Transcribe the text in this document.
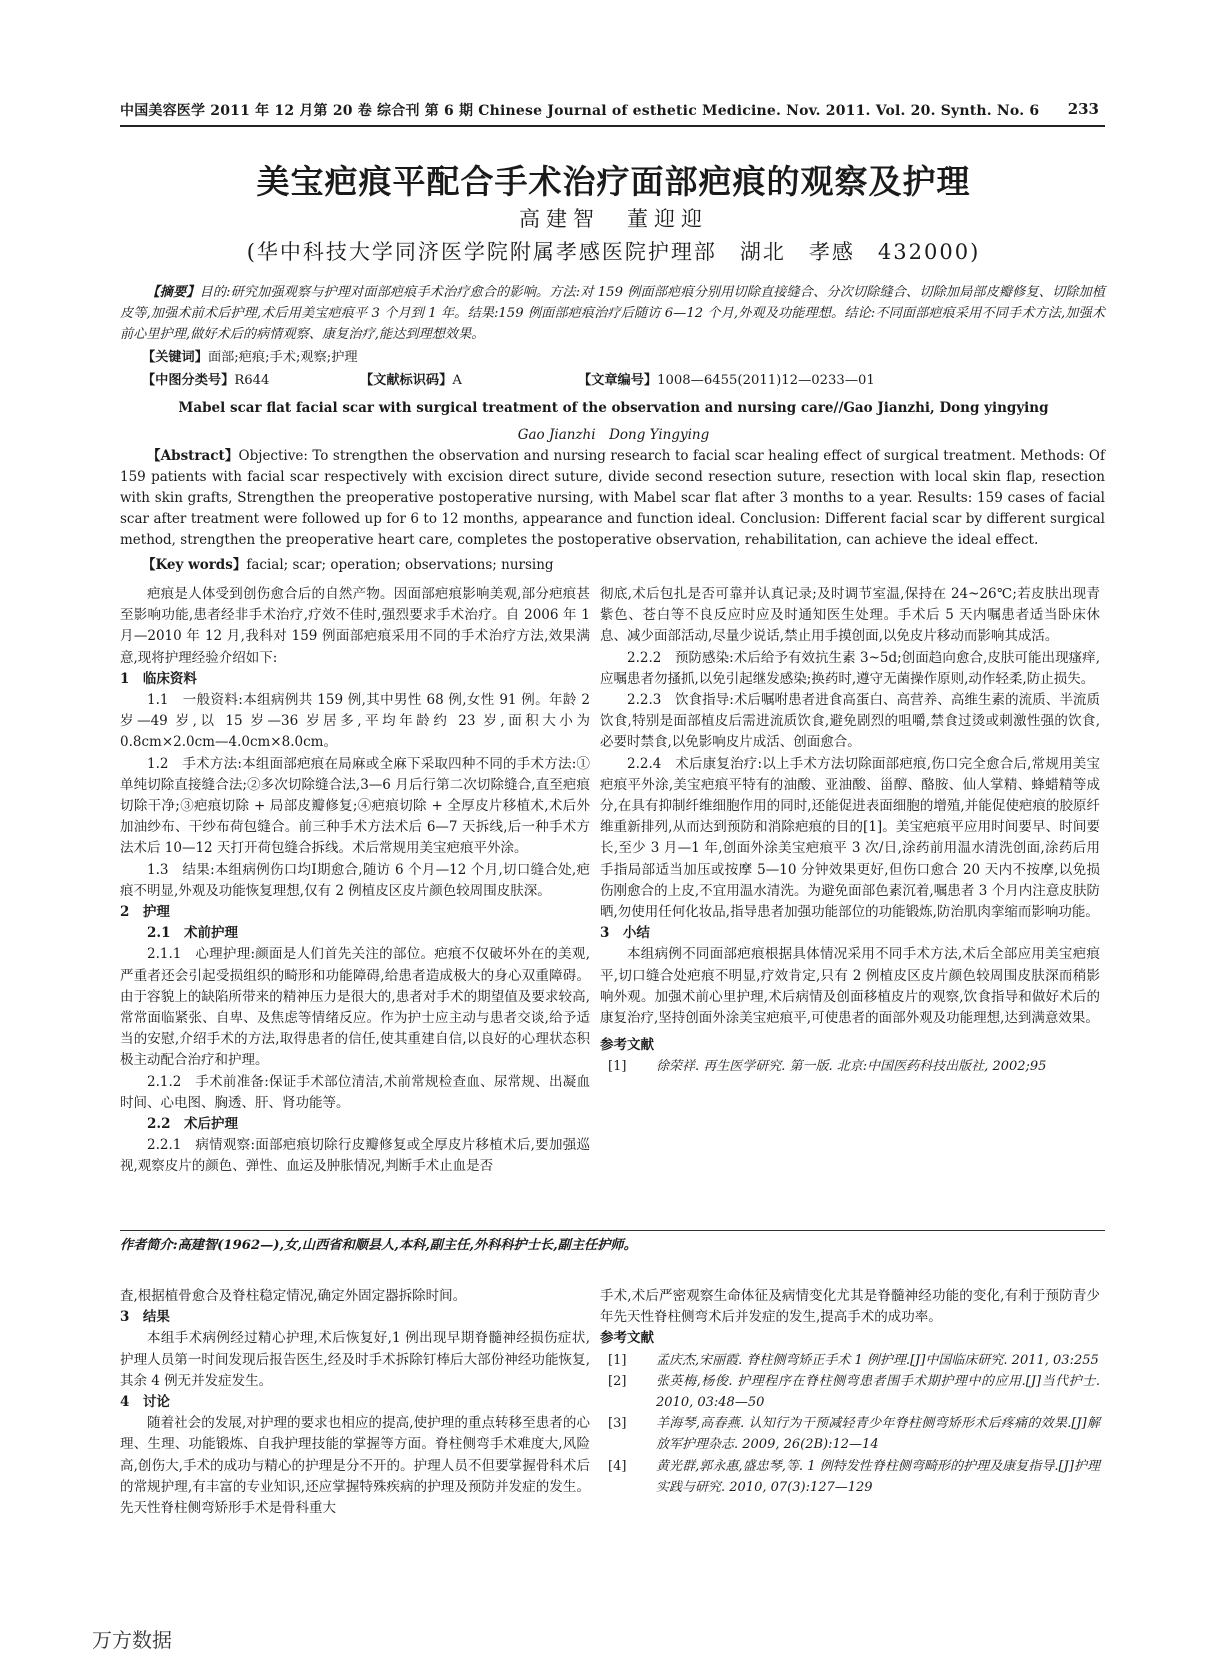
中国美容医学 2011 年 12 月第 20 卷 综合刊 第 6 期 Chinese Journal of esthetic Medicine. Nov. 2011. Vol. 20. Synth. No. 6	233
美宝疤痕平配合手术治疗面部疤痕的观察及护理
高建智　董迎迎
(华中科技大学同济医学院附属孝感医院护理部　湖北　孝感　432000)

【摘要】目的:研究加强观察与护理对面部疤痕手术治疗愈合的影响。方法:对 159 例面部疤痕分别用切除直接缝合、分次切除缝合、切除加局部皮瓣修复、切除加植皮等,加强术前术后护理,术后用美宝疤痕平 3 个月到 1 年。结果:159 例面部疤痕治疗后随访 6—12 个月,外观及功能理想。结论:不同面部疤痕采用不同手术方法,加强术前心里护理,做好术后的病情观察、康复治疗,能达到理想效果。

【关键词】面部;疤痕;手术;观察;护理
【中图分类号】R644	【文献标识码】A	【文章编号】1008—6455(2011)12—0233—01
Mabel scar flat facial scar with surgical treatment of the observation and nursing care//Gao Jianzhi, Dong yingying
Gao Jianzhi　Dong Yingying
【Abstract】Objective: To strengthen the observation and nursing research to facial scar healing effect of surgical treatment. Methods: Of 159 patients with facial scar respectively with excision direct suture, divide second resection suture, resection with local skin flap, resection with skin grafts, Strengthen the preoperative postoperative nursing, with Mabel scar flat after 3 months to a year. Results: 159 cases of facial scar after treatment were followed up for 6 to 12 months, appearance and function ideal. Conclusion: Different facial scar by different surgical method, strengthen the preoperative heart care, completes the postoperative observation, rehabilitation, can achieve the ideal effect.
【Key words】facial; scar; operation; observations; nursing

疤痕是人体受到创伤愈合后的自然产物。因面部疤痕影响美观,部分疤痕甚至影响功能,患者经非手术治疗,疗效不佳时,强烈要求手术治疗。自 2006 年 1 月—2010 年 12 月,我科对 159 例面部疤痕采用不同的手术治疗方法,效果满意,现将护理经验介绍如下:

1　临床资料

1.1　一般资料:本组病例共 159 例,其中男性 68 例,女性 91 例。年龄 2 岁—49 岁,以 15 岁—36 岁居多,平均年龄约 23 岁,面积大小为 0.8cm×2.0cm—4.0cm×8.0cm。

1.2　手术方法:本组面部疤痕在局麻或全麻下采取四种不同的手术方法:①单纯切除直接缝合法;②多次切除缝合法,3—6 月后行第二次切除缝合,直至疤痕切除干净;③疤痕切除 + 局部皮瓣修复;④疤痕切除 + 全厚皮片移植术,术后外加油纱布、干纱布荷包缝合。前三种手术方法术后 6—7 天拆线,后一种手术方法术后 10—12 天打开荷包缝合拆线。术后常规用美宝疤痕平外涂。

1.3　结果:本组病例伤口均Ⅰ期愈合,随访 6 个月—12 个月,切口缝合处,疤痕不明显,外观及功能恢复理想,仅有 2 例植皮区皮片颜色较周围皮肤深。

2　护理

2.1　术前护理

2.1.1　心理护理:颜面是人们首先关注的部位。疤痕不仅破坏外在的美观,严重者还会引起受损组织的畸形和功能障碍,给患者造成极大的身心双重障碍。由于容貌上的缺陷所带来的精神压力是很大的,患者对手术的期望值及要求较高,常常面临紧张、自卑、及焦虑等情绪反应。作为护士应主动与患者交谈,给予适当的安慰,介绍手术的方法,取得患者的信任,使其重建自信,以良好的心理状态积极主动配合治疗和护理。

2.1.2　手术前准备:保证手术部位清洁,术前常规检查血、尿常规、出凝血时间、心电图、胸透、肝、肾功能等。

2.2　术后护理

2.2.1　病情观察:面部疤痕切除行皮瓣修复或全厚皮片移植术后,要加强巡视,观察皮片的颜色、弹性、血运及肿胀情况,判断手术止血是否

彻底,术后包扎是否可靠并认真记录;及时调节室温,保持在 24~26℃;若皮肤出现青紫色、苍白等不良反应时应及时通知医生处理。手术后 5 天内嘱患者适当卧床休息、减少面部活动,尽量少说话,禁止用手摸创面,以免皮片移动而影响其成活。

2.2.2　预防感染:术后给予有效抗生素 3~5d;创面趋向愈合,皮肤可能出现瘙痒,应嘱患者勿搔抓,以免引起继发感染;换药时,遵守无菌操作原则,动作轻柔,防止损失。

2.2.3　饮食指导:术后嘱咐患者进食高蛋白、高营养、高维生素的流质、半流质饮食,特别是面部植皮后需进流质饮食,避免剧烈的咀嚼,禁食过烫或刺激性强的饮食,必要时禁食,以免影响皮片成活、创面愈合。

2.2.4　术后康复治疗:以上手术方法切除面部疤痕,伤口完全愈合后,常规用美宝疤痕平外涂,美宝疤痕平特有的油酸、亚油酸、甾醇、酪胺、仙人掌精、蜂蜡精等成分,在具有抑制纤维细胞作用的同时,还能促进表面细胞的增殖,并能促使疤痕的胶原纤维重新排列,从而达到预防和消除疤痕的目的[1]。美宝疤痕平应用时间要早、时间要长,至少 3 月—1 年,创面外涂美宝疤痕平 3 次/日,涂药前用温水清洗创面,涂药后用手指局部适当加压或按摩 5—10 分钟效果更好,但伤口愈合 20 天内不按摩,以免损伤刚愈合的上皮,不宜用温水清洗。为避免面部色素沉着,嘱患者 3 个月内注意皮肤防晒,勿使用任何化妆品,指导患者加强功能部位的功能锻炼,防治肌肉挛缩而影响功能。

3　小结

本组病例不同面部疤痕根据具体情况采用不同手术方法,术后全部应用美宝疤痕平,切口缝合处疤痕不明显,疗效肯定,只有 2 例植皮区皮片颜色较周围皮肤深而稍影响外观。加强术前心里护理,术后病情及创面移植皮片的观察,饮食指导和做好术后的康复治疗,坚持创面外涂美宝疤痕平,可使患者的面部外观及功能理想,达到满意效果。

参考文献

[1] 徐荣祥. 再生医学研究. 第一版. 北京:中国医药科技出版社, 2002;95

作者简介:高建智(1962—),女,山西省和顺县人,本科,副主任,外科科护士长,副主任护师。

査,根据植骨愈合及脊柱稳定情况,确定外固定器拆除时间。

3　结果

本组手术病例经过精心护理,术后恢复好,1 例出现早期脊髓神经损伤症状,护理人员第一时间发现后报告医生,经及时手术拆除钉棒后大部份神经功能恢复,其余 4 例无并发症发生。

4　讨论

随着社会的发展,对护理的要求也相应的提高,使护理的重点转移至患者的心理、生理、功能锻炼、自我护理技能的掌握等方面。脊柱侧弯手术难度大,风险高,创伤大,手术的成功与精心的护理是分不开的。护理人员不但要掌握骨科术后的常规护理,有丰富的专业知识,还应掌握特殊疾病的护理及预防并发症的发生。先天性脊柱侧弯矫形手术是骨科重大

手术,术后严密观察生命体征及病情变化尤其是脊髓神经功能的变化,有利于预防青少年先天性脊柱侧弯术后并发症的发生,提高手术的成功率。

参考文献

[1] 孟庆杰,宋丽霞. 脊柱侧弯矫正手术 1 例护理.[J]中国临床研究. 2011, 03:255

[2] 张英梅,杨俊. 护理程序在脊柱侧弯患者围手术期护理中的应用.[J]当代护士. 2010, 03:48—50

[3] 羊海琴,高春燕. 认知行为干预减轻青少年脊柱侧弯矫形术后疼痛的效果.[J]解放军护理杂志. 2009, 26(2B):12—14

[4] 黄光群,郭永惠,盛忠琴,等. 1 例特发性脊柱侧弯畸形的护理及康复指导.[J]护理实践与研究. 2010, 07(3):127—129

万方数据
